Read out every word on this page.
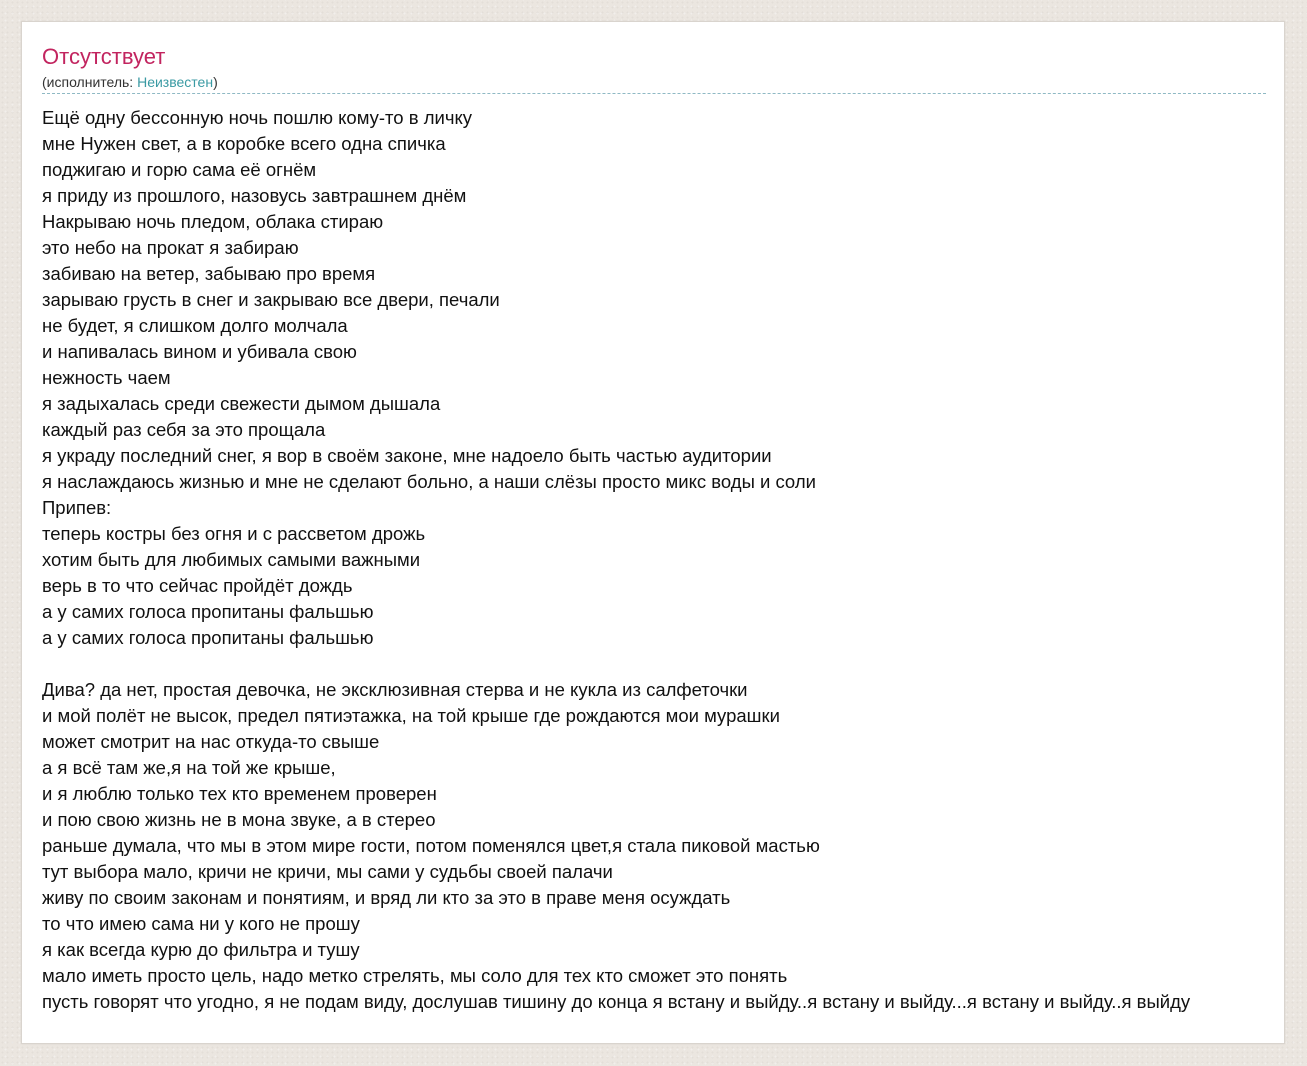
Отсутствует
(исполнитель: Неизвестен)
Ещё одну бессонную ночь пошлю кому-то в личку
мне Нужен свет, а в коробке всего одна спичка
поджигаю и горю сама её огнём
я приду из прошлого, назовусь завтрашнем днём
Накрываю ночь пледом, облака стираю
это небо на прокат я забираю
забиваю на ветер, забываю про время
зарываю грусть в снег и закрываю все двери, печали
не будет, я слишком долго молчала
и напивалась вином и убивала свою
нежность чаем
я задыхалась среди свежести дымом дышала
каждый раз себя за это прощала
я украду последний снег, я вор в своём законе, мне надоело быть частью аудитории
я наслаждаюсь жизнью и мне не сделают больно, а наши слёзы просто микс воды и соли
Припев:
теперь костры без огня и с рассветом дрожь
хотим быть для любимых самыми важными
верь в то что сейчас пройдёт дождь
а у самих голоса пропитаны фальшью
а у самих голоса пропитаны фальшью
Дива? да нет, простая девочка, не эксклюзивная стерва и не кукла из салфеточки
и мой полёт не высок, предел пятиэтажка, на той крыше где рождаются мои мурашки
может смотрит на нас откуда-то свыше
а я всё там же,я на той же крыше,
и я люблю только тех кто временем проверен
и пою свою жизнь не в мона звуке, а в стерео
раньше думала, что мы в этом мире гости, потом поменялся цвет,я стала пиковой мастью
тут выбора мало, кричи не кричи, мы сами у судьбы своей палачи
живу по своим законам и понятиям, и вряд ли кто за это в праве меня осуждать
то что имею сама ни у кого не прошу
я как всегда курю до фильтра и тушу
мало иметь просто цель, надо метко стрелять, мы соло для тех кто сможет это понять
пусть говорят что угодно, я не подам виду, дослушав тишину до конца я встану и выйду..я встану и выйду...я встану и выйду..я выйду
